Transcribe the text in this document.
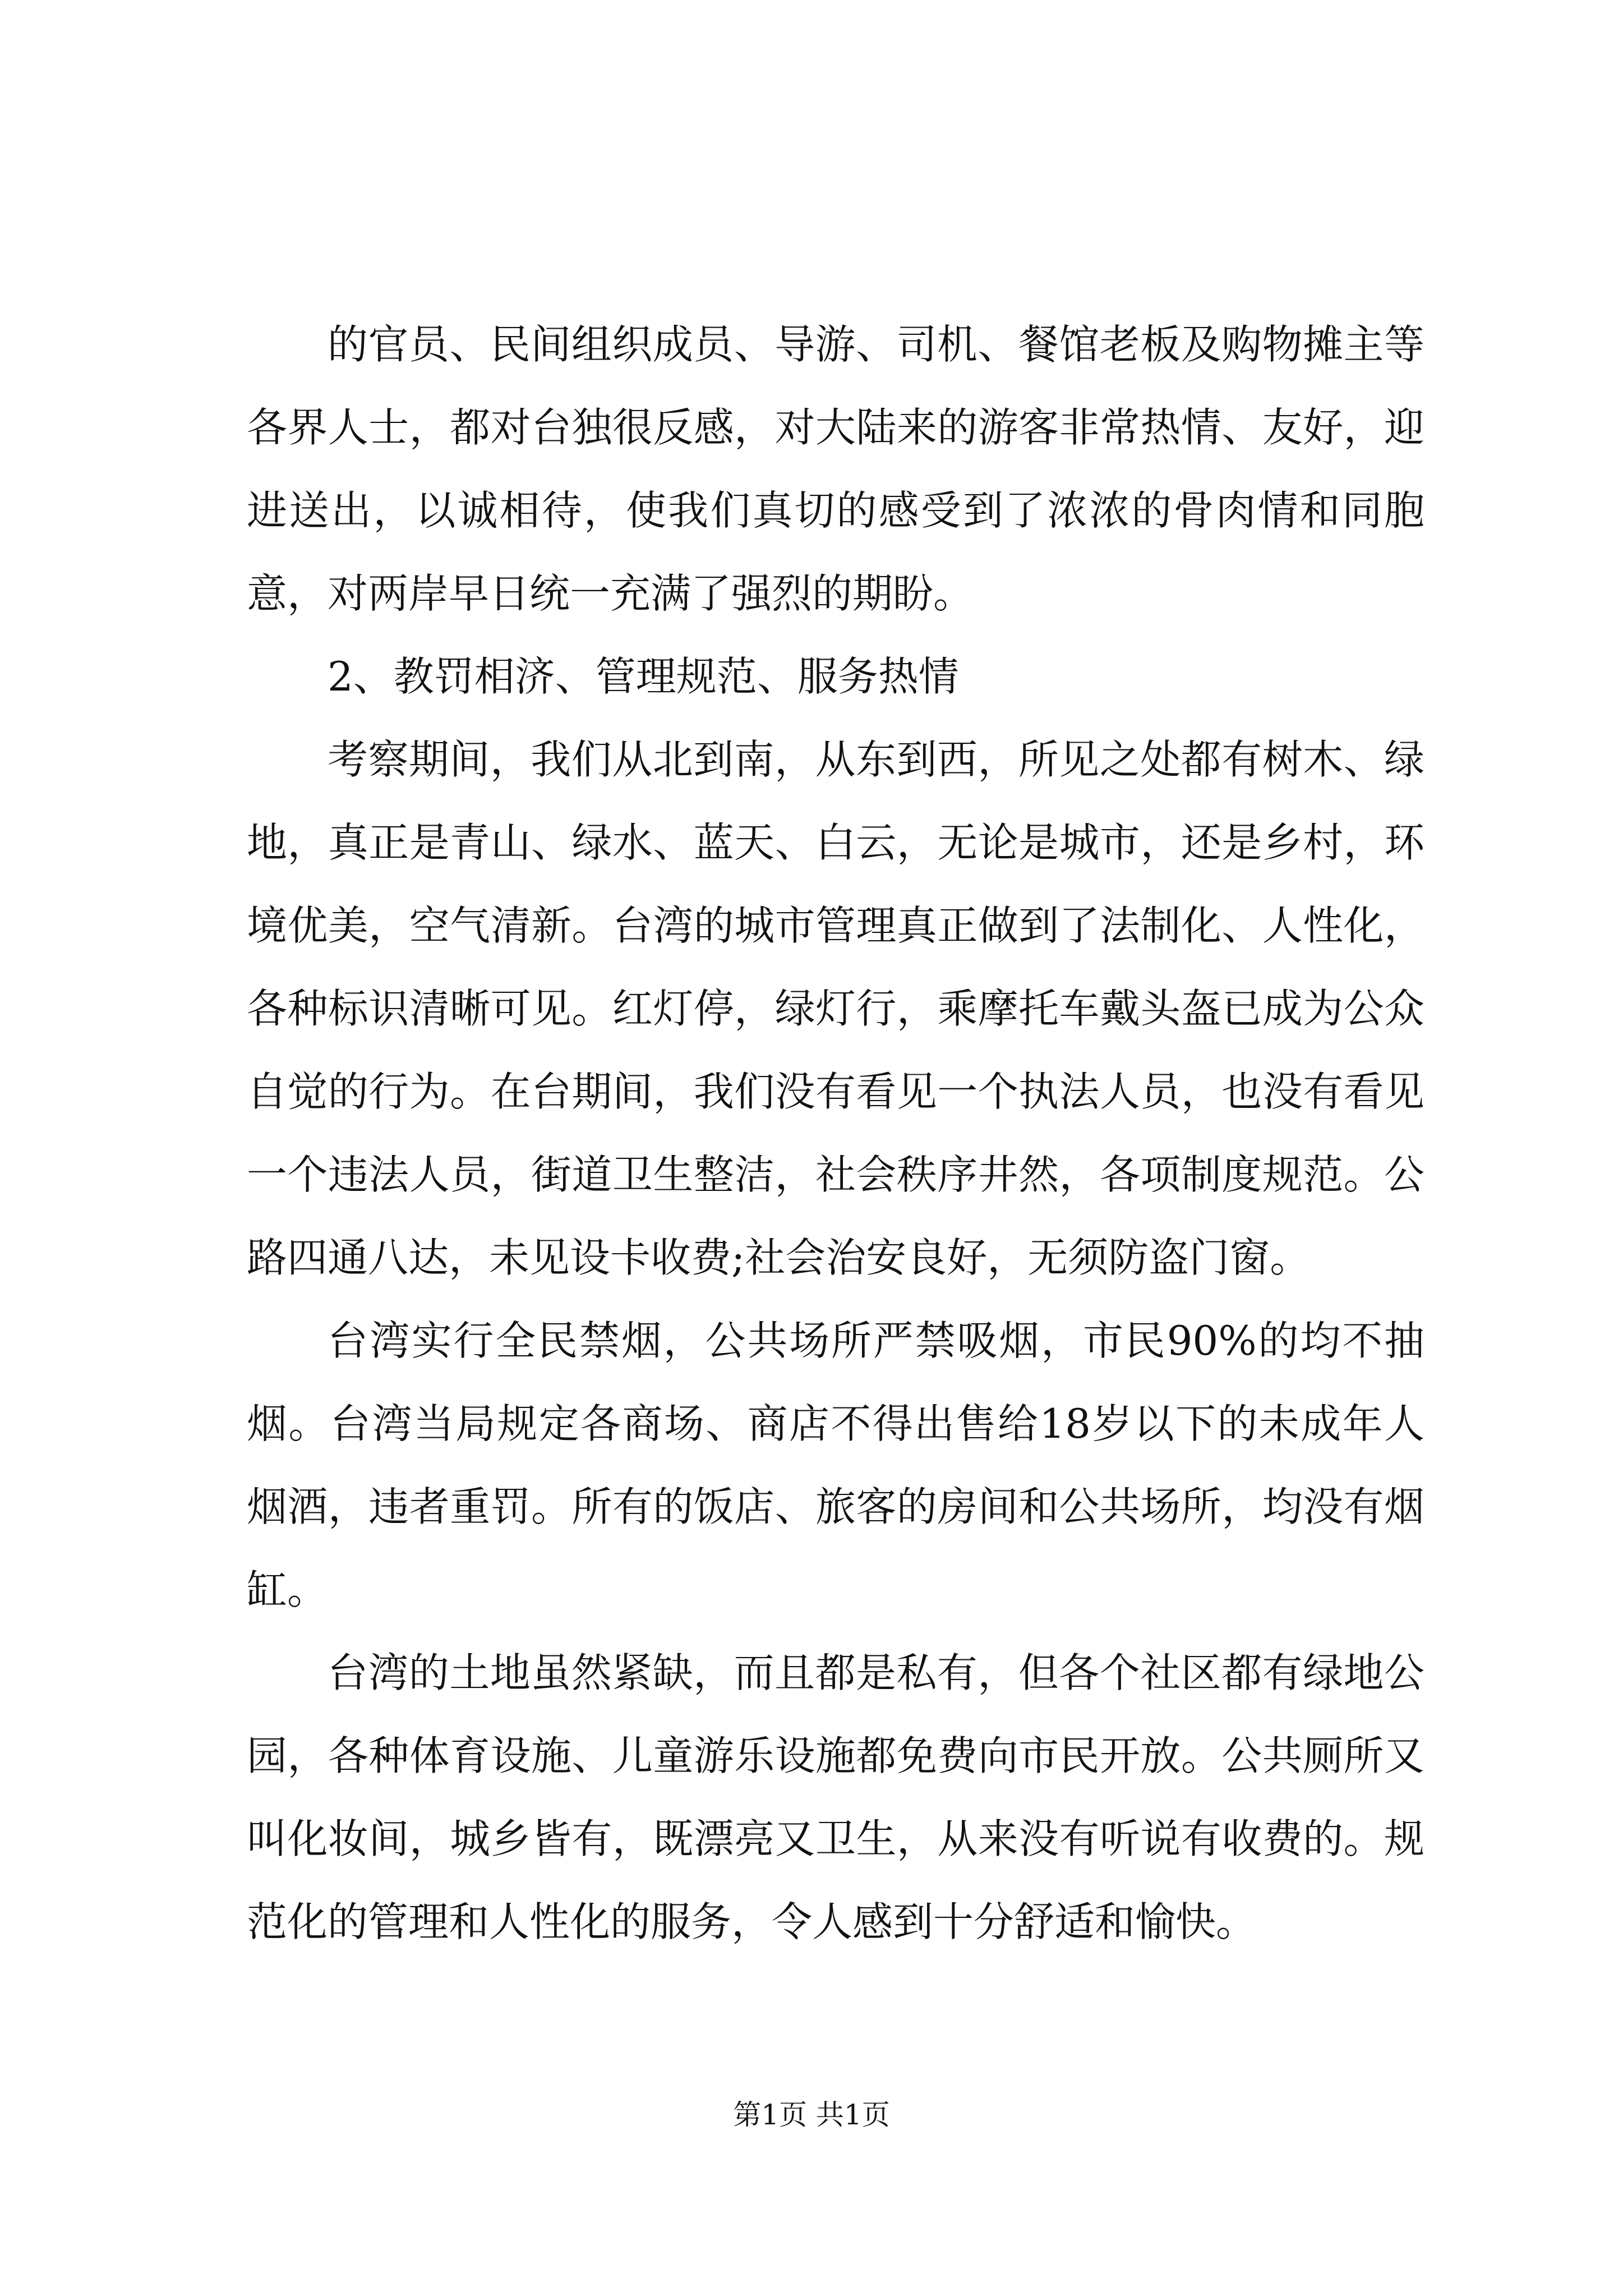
的官员、民间组织成员、导游、司机、餐馆老板及购物摊主等各界人士，都对台独很反感，对大陆来的游客非常热情、友好，迎进送出，以诚相待，使我们真切的感受到了浓浓的骨肉情和同胞意，对两岸早日统一充满了强烈的期盼。

2、教罚相济、管理规范、服务热情

考察期间，我们从北到南，从东到西，所见之处都有树木、绿地，真正是青山、绿水、蓝天、白云，无论是城市，还是乡村，环境优美，空气清新。台湾的城市管理真正做到了法制化、人性化，各种标识清晰可见。红灯停，绿灯行，乘摩托车戴头盔已成为公众自觉的行为。在台期间，我们没有看见一个执法人员，也没有看见一个违法人员，街道卫生整洁，社会秩序井然，各项制度规范。公路四通八达，未见设卡收费;社会治安良好，无须防盗门窗。

台湾实行全民禁烟，公共场所严禁吸烟，市民90%的均不抽烟。台湾当局规定各商场、商店不得出售给18岁以下的未成年人烟酒，违者重罚。所有的饭店、旅客的房间和公共场所，均没有烟缸。

台湾的土地虽然紧缺，而且都是私有，但各个社区都有绿地公园，各种体育设施、儿童游乐设施都免费向市民开放。公共厕所又叫化妆间，城乡皆有，既漂亮又卫生，从来没有听说有收费的。规范化的管理和人性化的服务，令人感到十分舒适和愉快。

第1页 共1页
